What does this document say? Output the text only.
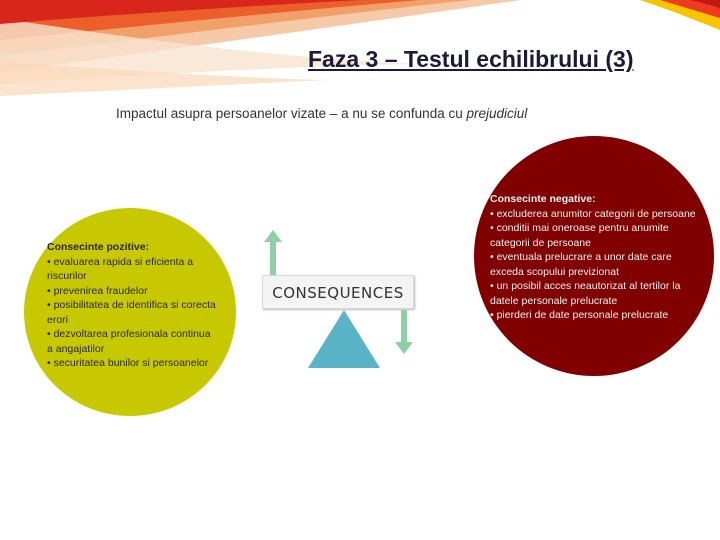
Faza 3 – Testul echilibrului (3)
Impactul asupra persoanelor vizate – a nu se confunda cu prejudiciul
Consecinte pozitive:
• evaluarea rapida si eficienta a riscurilor
• prevenirea fraudelor
• posibilitatea de identifica si corecta erori
• dezvoltarea profesionala continua a angajatilor
• securitatea bunilor si persoanelor
Consecinte negative:
• excluderea anumitor categorii de persoane
• conditii mai oneroase pentru anumite categorii de persoane
• eventuala prelucrare a unor date care exceda scopului previzionat
• un posibil acces neautorizat al tertilor la datele personale prelucrate
• pierderi de date personale prelucrate
CONSEQUENCES
